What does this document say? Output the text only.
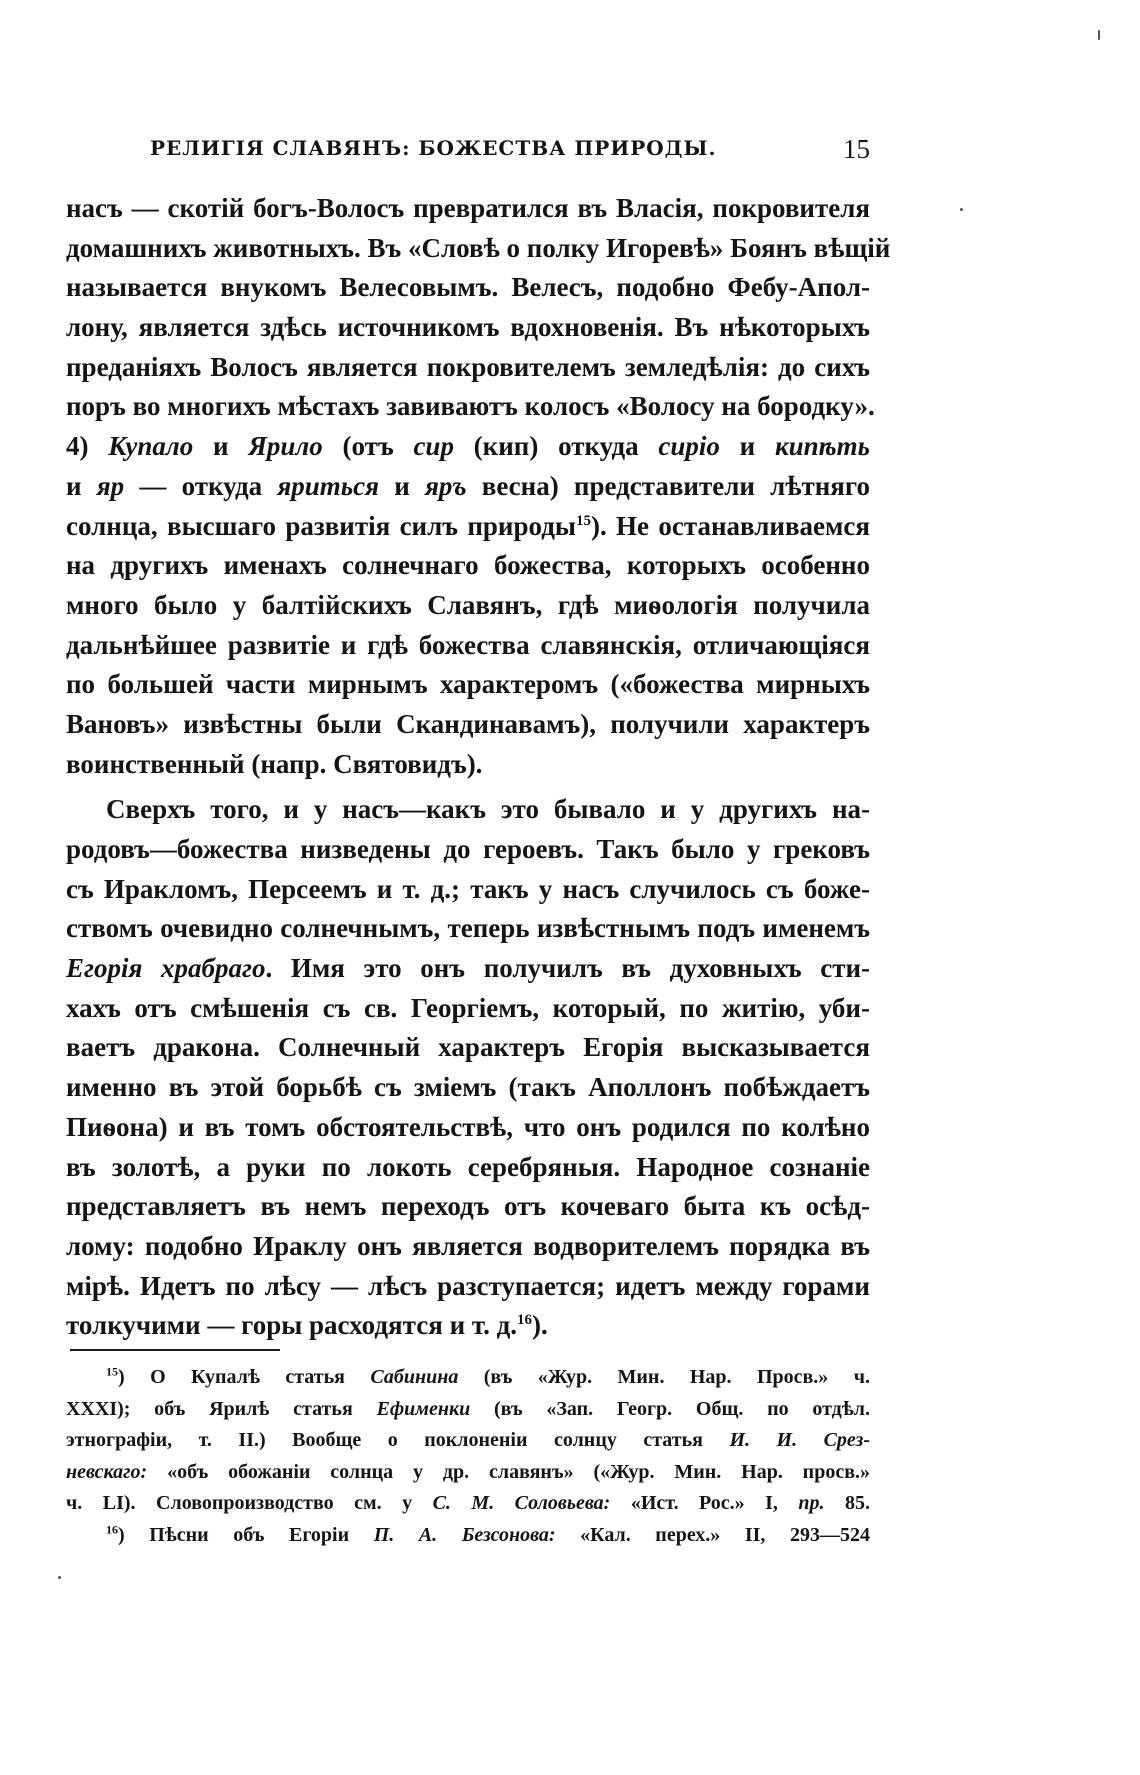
РЕЛИГІЯ СЛАВЯНЪ: БОЖЕСТВА ПРИРОДЫ.	15
насъ — скотій богъ-Волосъ превратился въ Власія, покровителя
домашнихъ животныхъ. Въ «Словѣ о полку Игоревѣ» Боянъ вѣщій
называется внукомъ Велесовымъ. Велесъ, подобно Фебу-Апол-
лону, является здѣсь источникомъ вдохновенія. Въ нѣкоторыхъ
преданіяхъ Волосъ является покровителемъ земледѣлія: до сихъ
поръ во многихъ мѣстахъ завиваютъ колосъ «Волосу на бородку».
4) Купало и Ярило (отъ сир (кип) откуда сиріо и кипѣть
и яр — откуда яриться и яръ весна) представители лѣтняго
солнца, высшаго развитія силъ природы$^{15}$). Не останавливаемся
на другихъ именахъ солнечнаго божества, которыхъ особенно
много было у балтійскихъ Славянъ, гдѣ миѳологія получила
дальнѣйшее развитіе и гдѣ божества славянскія, отличающіяся
по большей части мирнымъ характеромъ («божества мирныхъ
Вановъ» извѣстны были Скандинавамъ), получили характеръ
воинственный (напр. Святовидъ).
Сверхъ того, и у насъ—какъ это бывало и у другихъ на-
родовъ—божества низведены до героевъ. Такъ было у грековъ
съ Иракломъ, Персеемъ и т. д.; такъ у насъ случилось съ боже-
ствомъ очевидно солнечнымъ, теперь извѣстнымъ подъ именемъ
Егорія храбраго. Имя это онъ получилъ въ духовныхъ сти-
хахъ отъ смѣшенія съ св. Георгіемъ, который, по житію, уби-
ваетъ дракона. Солнечный характеръ Егорія высказывается
именно въ этой борьбѣ съ зміемъ (такъ Аполлонъ побѣждаетъ
Пиѳона) и въ томъ обстоятельствѣ, что онъ родился по колѣно
въ золотѣ, а руки по локоть серебряныя. Народное сознаніе
представляетъ въ немъ переходъ отъ кочеваго быта къ осѣд-
лому: подобно Ираклу онъ является водворителемъ порядка въ
мірѣ. Идетъ по лѣсу — лѣсъ разступается; идетъ между горами
толкучими — горы расходятся и т. д.$^{16}$).
$^{15}$) О Купалѣ статья Сабинина (въ «Жур. Мин. Нар. Просв.» ч.
XXXI); объ Ярилѣ статья Ефименки (въ «Зап. Геогр. Общ. по отдѣл.
этнографіи, т. II.) Вообще о поклоненіи солнцу статья И. И. Срез-
невскаго: «объ обожаніи солнца у др. славянъ» («Жур. Мин. Нар. просв.»
ч. LI). Словопроизводство см. у С. М. Соловьева: «Ист. Рос.» I, пр. 85.
$^{16}$) Пѣсни объ Егоріи П. А. Безсонова: «Кал. перех.» II, 293—524
